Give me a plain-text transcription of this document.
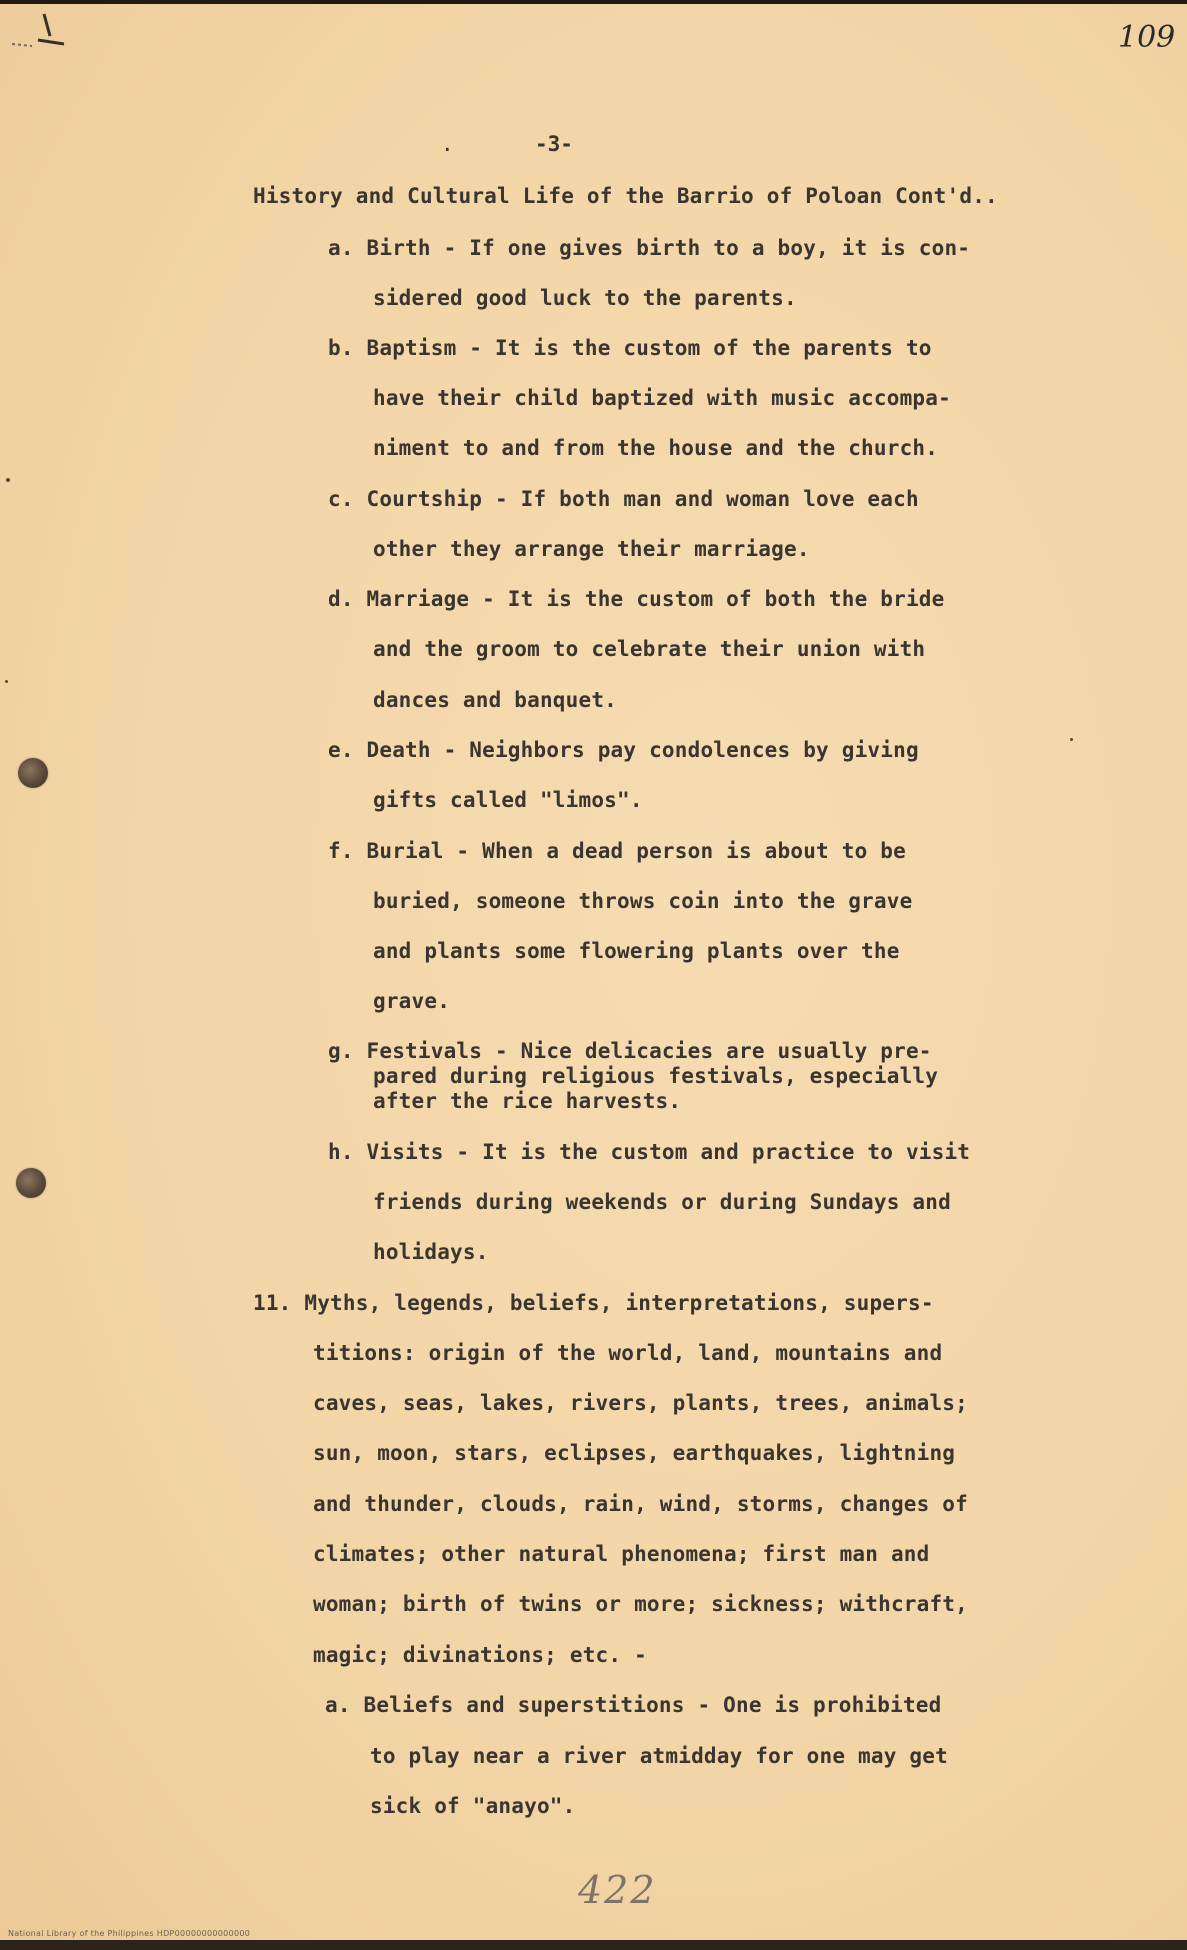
109
.	-3-
History and Cultural Life of the Barrio of Poloan Cont'd..
a. Birth - If one gives birth to a boy, it is con-
sidered good luck to the parents.
b. Baptism - It is the custom of the parents to
have their child baptized with music accompa-
niment to and from the house and the church.
c. Courtship - If both man and woman love each
other they arrange their marriage.
d. Marriage - It is the custom of both the bride
and the groom to celebrate their union with
dances and banquet.
e. Death - Neighbors pay condolences by giving
gifts called "limos".
f. Burial - When a dead person is about to be
buried, someone throws coin into the grave
and plants some flowering plants over the
grave.
g. Festivals - Nice delicacies are usually pre-
pared during religious festivals, especially
after the rice harvests.
h. Visits - It is the custom and practice to visit
friends during weekends or during Sundays and
holidays.
11. Myths, legends, beliefs, interpretations, supers-
titions: origin of the world, land, mountains and
caves, seas, lakes, rivers, plants, trees, animals;
sun, moon, stars, eclipses, earthquakes, lightning
and thunder, clouds, rain, wind, storms, changes of
climates; other natural phenomena; first man and
woman; birth of twins or more; sickness; withcraft,
magic; divinations; etc. -
a. Beliefs and superstitions - One is prohibited
to play near a river atmidday for one may get
sick of "anayo".
422
National Library of the Philippines HDP00000000000000
